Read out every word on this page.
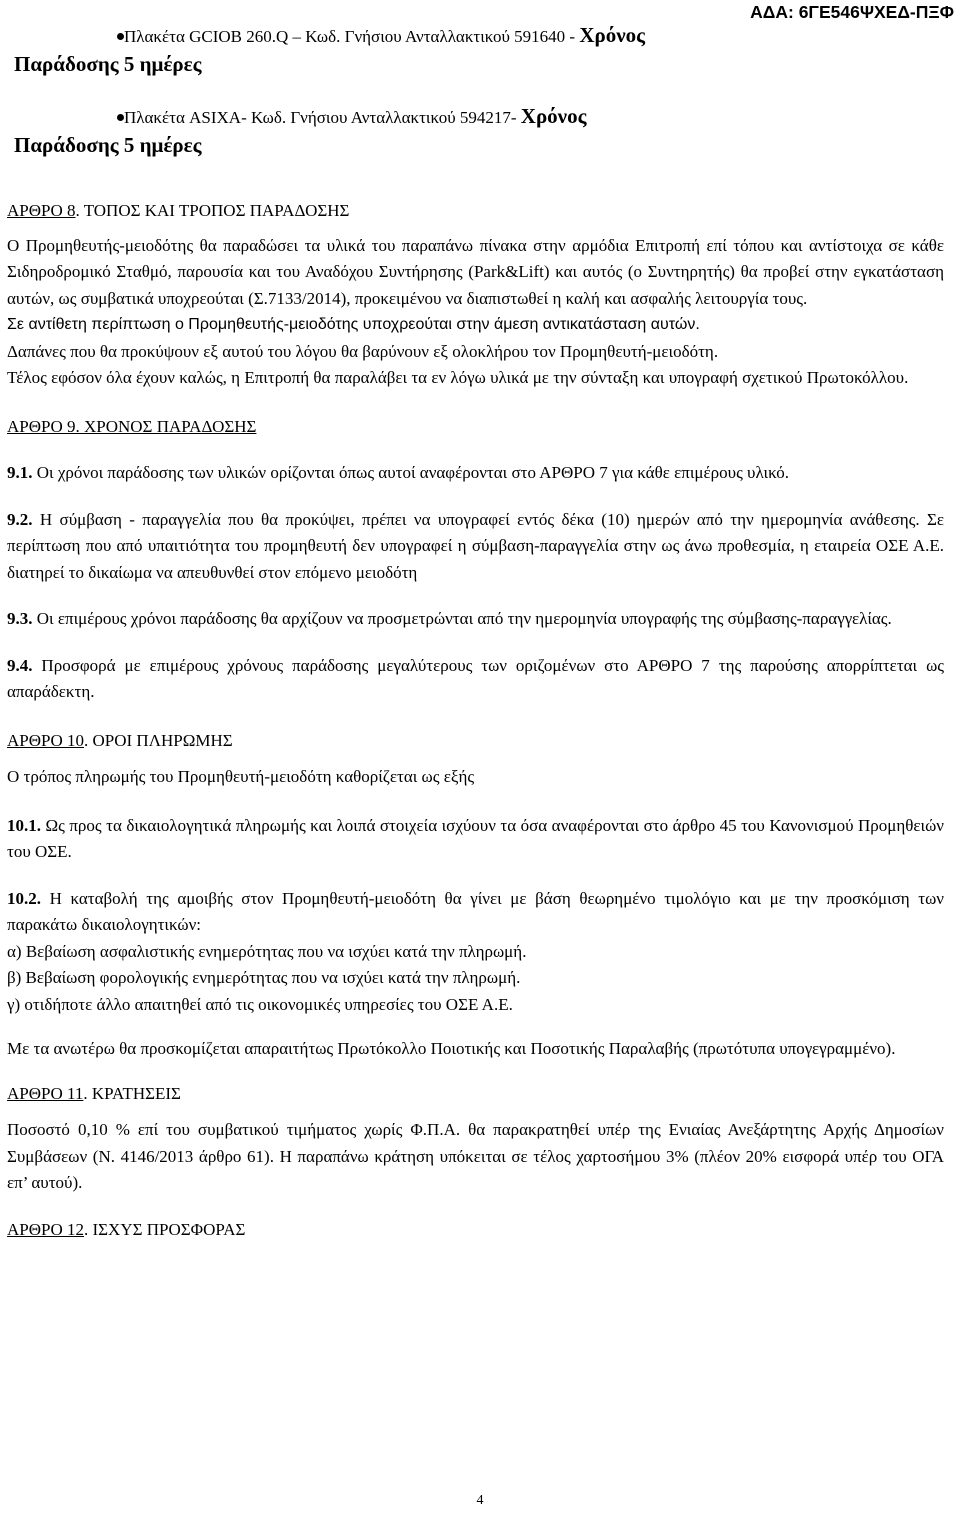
ΑΔΑ: 6ΓΕ546ΨΧΕΔ-ΠΞΦ

Πλακέτα GCIOB 260.Q – Κωδ. Γνήσιου Ανταλλακτικού 591640 - Χρόνος
Παράδοσης 5 ημέρες

Πλακέτα ASIXA- Κωδ. Γνήσιου Ανταλλακτικού 594217- Χρόνος
Παράδοσης 5 ημέρες

ΑΡΘΡΟ 8. ΤΟΠΟΣ ΚΑΙ ΤΡΟΠΟΣ ΠΑΡΑΔΟΣΗΣ

Ο Προμηθευτής-μειοδότης θα παραδώσει τα υλικά του παραπάνω πίνακα στην αρμόδια Επιτροπή επί τόπου και αντίστοιχα σε κάθε Σιδηροδρομικό Σταθμό, παρουσία και του Αναδόχου Συντήρησης (Park&Lift) και αυτός (ο Συντηρητής) θα προβεί στην εγκατάσταση αυτών, ως συμβατικά υποχρεούται (Σ.7133/2014), προκειμένου να διαπιστωθεί η καλή και ασφαλής λειτουργία τους.

Σε αντίθετη περίπτωση ο Προμηθευτής-μειοδότης υποχρεούται στην άμεση αντικατάσταση αυτών.

Δαπάνες που θα προκύψουν εξ αυτού του λόγου θα βαρύνουν εξ ολοκλήρου τον Προμηθευτή-μειοδότη.

Τέλος εφόσον όλα έχουν καλώς, η Επιτροπή θα παραλάβει τα εν λόγω υλικά με την σύνταξη και υπογραφή σχετικού Πρωτοκόλλου.

ΑΡΘΡΟ 9. ΧΡΟΝΟΣ ΠΑΡΑΔΟΣΗΣ

9.1. Οι χρόνοι παράδοσης των υλικών ορίζονται όπως αυτοί αναφέρονται στο ΑΡΘΡΟ 7 για κάθε επιμέρους υλικό.

9.2. Η σύμβαση - παραγγελία που θα προκύψει, πρέπει να υπογραφεί εντός δέκα (10) ημερών από την ημερομηνία ανάθεσης. Σε περίπτωση που από υπαιτιότητα του προμηθευτή δεν υπογραφεί η σύμβαση-παραγγελία στην ως άνω προθεσμία, η εταιρεία ΟΣΕ Α.Ε. διατηρεί το δικαίωμα να απευθυνθεί στον επόμενο μειοδότη

9.3. Οι επιμέρους χρόνοι παράδοσης θα αρχίζουν να προσμετρώνται από την ημερομηνία υπογραφής της σύμβασης-παραγγελίας.

9.4. Προσφορά με επιμέρους χρόνους παράδοσης μεγαλύτερους των οριζομένων στο ΑΡΘΡΟ 7 της παρούσης απορρίπτεται ως απαράδεκτη.

ΑΡΘΡΟ 10. ΟΡΟΙ ΠΛΗΡΩΜΗΣ

Ο τρόπος πληρωμής του Προμηθευτή-μειοδότη καθορίζεται ως εξής

10.1. Ως προς τα δικαιολογητικά πληρωμής και λοιπά στοιχεία ισχύουν τα όσα αναφέρονται στο άρθρο 45 του Κανονισμού Προμηθειών του ΟΣΕ.

10.2. Η καταβολή της αμοιβής στον Προμηθευτή-μειοδότη θα γίνει με βάση θεωρημένο τιμολόγιο και με την προσκόμιση των παρακάτω δικαιολογητικών:

α) Βεβαίωση ασφαλιστικής ενημερότητας που να ισχύει κατά την πληρωμή.

β) Βεβαίωση φορολογικής ενημερότητας που να ισχύει κατά την πληρωμή.

γ) οτιδήποτε άλλο απαιτηθεί από τις οικονομικές υπηρεσίες του ΟΣΕ Α.Ε.

Με τα ανωτέρω θα προσκομίζεται απαραιτήτως Πρωτόκολλο Ποιοτικής και Ποσοτικής Παραλαβής (πρωτότυπα υπογεγραμμένο).

ΑΡΘΡΟ 11. ΚΡΑΤΗΣΕΙΣ

Ποσοστό 0,10 % επί του συμβατικού τιμήματος χωρίς Φ.Π.Α. θα παρακρατηθεί υπέρ της Ενιαίας Ανεξάρτητης Αρχής Δημοσίων Συμβάσεων (Ν. 4146/2013 άρθρο 61). Η παραπάνω κράτηση υπόκειται σε τέλος χαρτοσήμου 3% (πλέον 20% εισφορά υπέρ του ΟΓΑ επ’ αυτού).

ΑΡΘΡΟ 12. ΙΣΧΥΣ ΠΡΟΣΦΟΡΑΣ

4
